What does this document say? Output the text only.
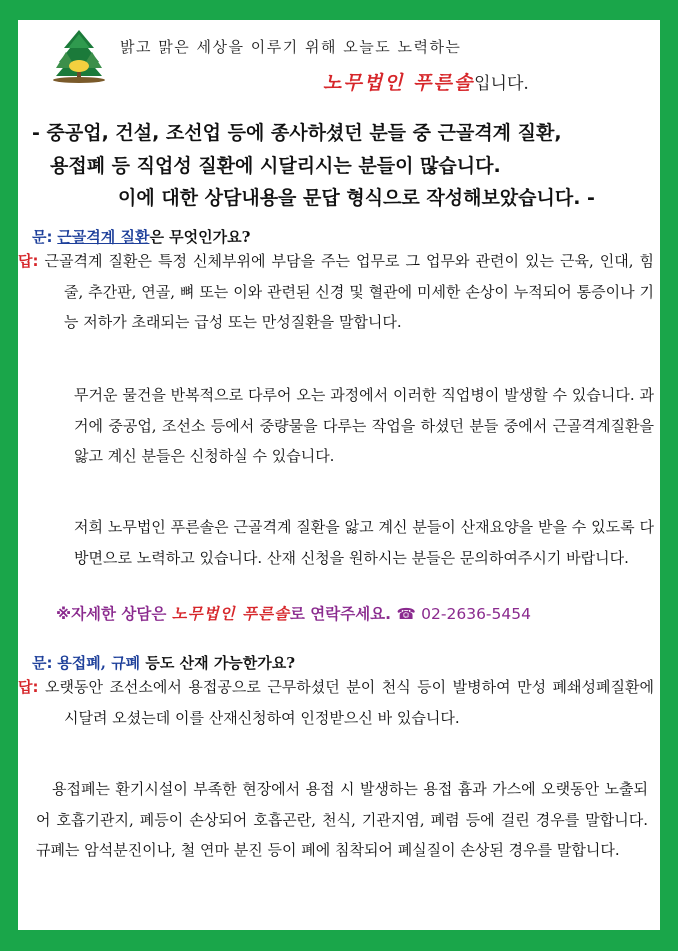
밝고 맑은 세상을 이루기 위해 오늘도 노력하는
노무법인 푸른솔입니다.
- 중공업, 건설, 조선업 등에 종사하셨던 분들 중 근골격계 질환,
용접폐 등 직업성 질환에 시달리시는 분들이 많습니다.
이에 대한 상담내용을 문답 형식으로 작성해보았습니다. -
문: 근골격계 질환은 무엇인가요?
답: 근골격계 질환은 특정 신체부위에 부담을 주는 업무로 그 업무와 관련이 있는 근육, 인대, 힘줄, 추간판, 연골, 뼈 또는 이와 관련된 신경 및 혈관에 미세한 손상이 누적되어 통증이나 기능 저하가 초래되는 급성 또는 만성질환을 말합니다.
무거운 물건을 반복적으로 다루어 오는 과정에서 이러한 직업병이 발생할 수 있습니다. 과거에 중공업, 조선소 등에서 중량물을 다루는 작업을 하셨던 분들 중에서 근골격계질환을 앓고 계신 분들은 신청하실 수 있습니다.
저희 노무법인 푸른솔은 근골격계 질환을 앓고 계신 분들이 산재요양을 받을 수 있도록 다방면으로 노력하고 있습니다. 산재 신청을 원하시는 분들은 문의하여주시기 바랍니다.
※자세한 상담은 노무법인 푸른솔로 연락주세요. ☎ 02-2636-5454
문: 용접폐, 규폐 등도 산재 가능한가요?
답: 오랫동안 조선소에서 용접공으로 근무하셨던 분이 천식 등이 발병하여 만성 폐쇄성폐질환에 시달려 오셨는데 이를 산재신청하여 인정받으신 바 있습니다.
용접폐는 환기시설이 부족한 현장에서 용접 시 발생하는 용접 흄과 가스에 오랫동안 노출되어 호흡기관지, 폐등이 손상되어 호흡곤란, 천식, 기관지염, 폐렴 등에 걸린 경우를 말합니다. 규폐는 암석분진이나, 철 연마 분진 등이 폐에 침착되어 폐실질이 손상된 경우를 말합니다.
